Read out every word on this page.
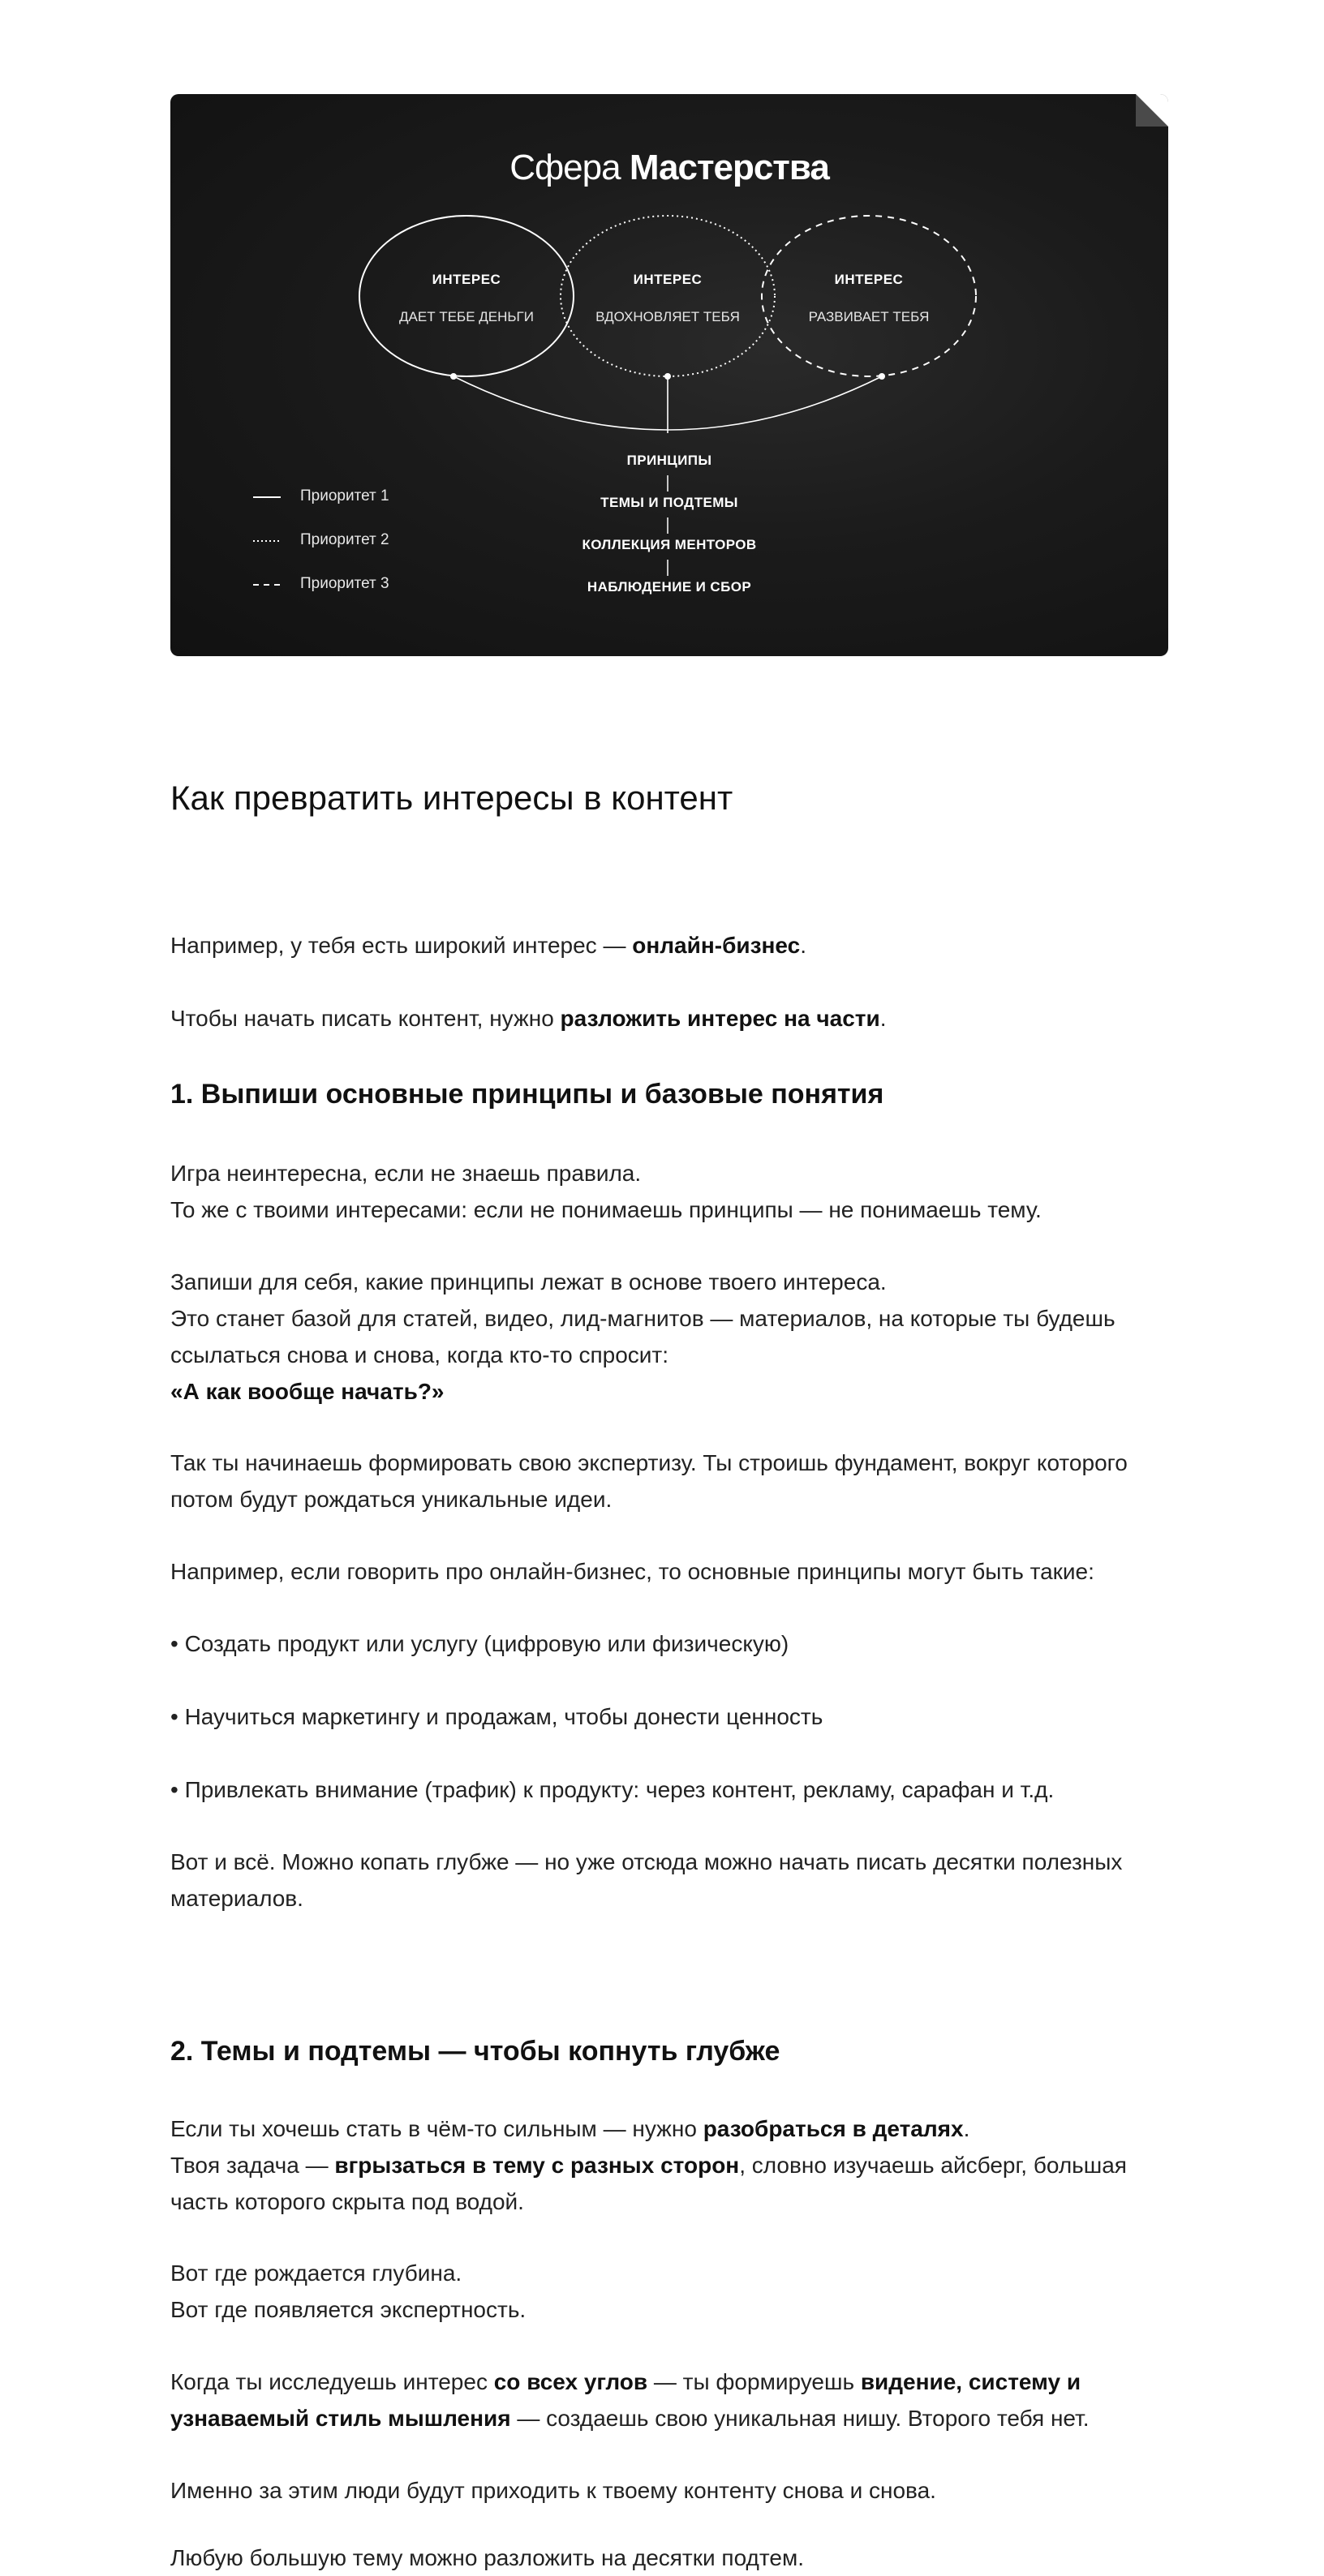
Сфера Мастерства
ИНТЕРЕС
ДАЕТ ТЕБЕ ДЕНЬГИ
ИНТЕРЕС
ВДОХНОВЛЯЕТ ТЕБЯ
ИНТЕРЕС
РАЗВИВАЕТ ТЕБЯ
ПРИНЦИПЫ
ТЕМЫ И ПОДТЕМЫ
КОЛЛЕКЦИЯ МЕНТОРОВ
НАБЛЮДЕНИЕ И СБОР
Приоритет 1
Приоритет 2
Приоритет 3
Как превратить интересы в контент

Например, у тебя есть широкий интерес — онлайн-бизнес.

Чтобы начать писать контент, нужно разложить интерес на части.

1. Выпиши основные принципы и базовые понятия

Игра неинтересна, если не знаешь правила.
То же с твоими интересами: если не понимаешь принципы — не понимаешь тему.

Запиши для себя, какие принципы лежат в основе твоего интереса.
Это станет базой для статей, видео, лид-магнитов — материалов, на которые ты будешь ссылаться снова и снова, когда кто-то спросит:
«А как вообще начать?»

Так ты начинаешь формировать свою экспертизу. Ты строишь фундамент, вокруг которого потом будут рождаться уникальные идеи.

Например, если говорить про онлайн-бизнес, то основные принципы могут быть такие:

• Создать продукт или услугу (цифровую или физическую)

• Научиться маркетингу и продажам, чтобы донести ценность

• Привлекать внимание (трафик) к продукту: через контент, рекламу, сарафан и т.д.

Вот и всё. Можно копать глубже — но уже отсюда можно начать писать десятки полезных материалов.

2. Темы и подтемы — чтобы копнуть глубже

Если ты хочешь стать в чём-то сильным — нужно разобраться в деталях.
Твоя задача — вгрызаться в тему с разных сторон, словно изучаешь айсберг, большая часть которого скрыта под водой.

Вот где рождается глубина.
Вот где появляется экспертность.

Когда ты исследуешь интерес со всех углов — ты формируешь видение, систему и узнаваемый стиль мышления — создаешь свою уникальная нишу. Второго тебя нет.

Именно за этим люди будут приходить к твоему контенту снова и снова.

Любую большую тему можно разложить на десятки подтем.
